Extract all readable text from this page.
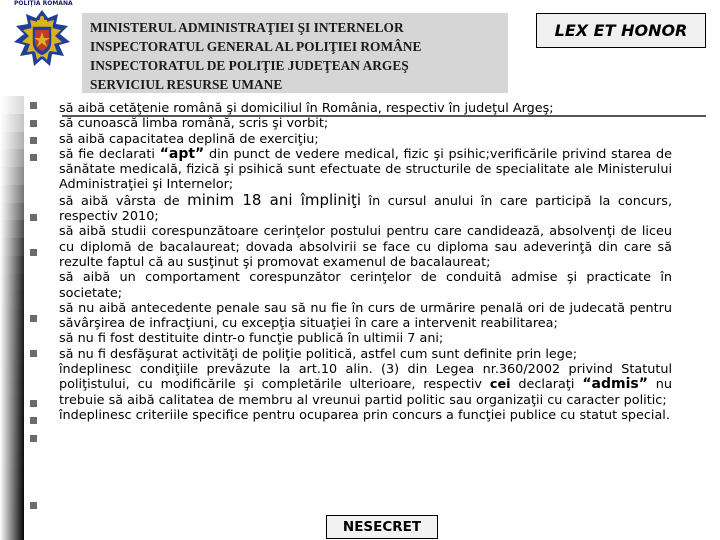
POLIŢIA ROMÂNĂ
MINISTERUL ADMINISTRAŢIEI ŞI INTERNELOR
INSPECTORATUL GENERAL AL POLIŢIEI ROMÂNE
INSPECTORATUL DE POLIŢIE JUDEŢEAN ARGEŞ
SERVICIUL RESURSE UMANE
LEX ET HONOR

să aibă cetăţenie română şi domiciliul în România, respectiv în judeţul Argeş;

să cunoască limba română, scris şi vorbit;

să aibă capacitatea deplină de exerciţiu;

să fie declarati “apt” din punct de vedere medical, fizic şi psihic;verificările privind starea de sănătate medicală, fizică şi psihică sunt efectuate de structurile de specialitate ale Ministerului Administraţiei şi Internelor;

să aibă vârsta de minim 18 ani împliniţi în cursul anului în care participă la concurs, respectiv 2010;

să aibă studii corespunzătoare cerinţelor postului pentru care candidează, absolvenţi de liceu cu diplomă de bacalaureat; dovada absolvirii se face cu diploma sau adeverinţă din care să rezulte faptul că au susţinut şi promovat examenul de bacalaureat;

să aibă un comportament corespunzător cerinţelor de conduită admise şi practicate în societate;

să nu aibă antecedente penale sau să nu fie în curs de urmărire penală ori de judecată pentru săvârşirea de infracţiuni, cu excepţia situaţiei în care a intervenit reabilitarea;

să nu fi fost destituite dintr-o funcţie publică în ultimii 7 ani;

să nu fi desfăşurat activităţi de poliţie politică, astfel cum sunt definite prin lege;

îndeplinesc condiţiile prevăzute la art.10 alin. (3) din Legea nr.360/2002 privind Statutul poliţistului, cu modificările şi completările ulterioare, respectiv cei declaraţi “admis” nu trebuie să aibă calitatea de membru al vreunui partid politic sau organizaţii cu caracter politic;

îndeplinesc criteriile specifice pentru ocuparea prin concurs a funcţiei publice cu statut special.

NESECRET
